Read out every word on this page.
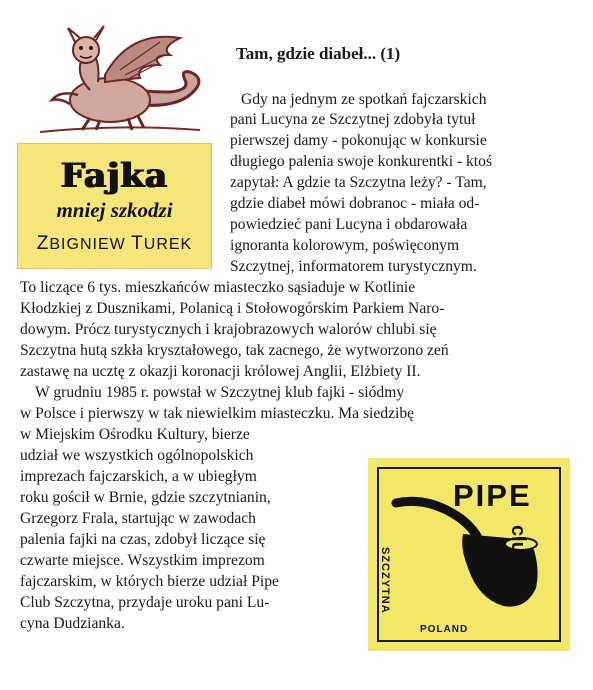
Fajka
mniej szkodzi
ZBIGNIEW TUREK
Tam, gdzie diabeł... (1)
Gdy na jednym ze spotkań fajczarskich
pani Lucyna ze Szczytnej zdobyła tytuł
pierwszej damy - pokonując w konkursie
długiego palenia swoje konkurentki - ktoś
zapytał: A gdzie ta Szczytna leży? - Tam,
gdzie diabeł mówi dobranoc - miała od-
powiedzieć pani Lucyna i obdarowała
ignoranta kolorowym, poświęconym
Szczytnej, informatorem turystycznym.
To liczące 6 tys. mieszkańców miasteczko sąsiaduje w Kotlinie
Kłodzkiej z Dusznikami, Polanicą i Stołowogórskim Parkiem Naro-
dowym. Prócz turystycznych i krajobrazowych walorów chlubi się
Szczytna hutą szkła kryształowego, tak zacnego, że wytworzono zeń
zastawę na ucztę z okazji koronacji królowej Anglii, Elżbiety II.
W grudniu 1985 r. powstał w Szczytnej klub fajki - siódmy
w Polsce i pierwszy w tak niewielkim miasteczku. Ma siedzibę
w Miejskim Ośrodku Kultury, bierze
udział we wszystkich ogólnopolskich
imprezach fajczarskich, a w ubiegłym
roku gościł w Brnie, gdzie szczytnianin,
Grzegorz Frala, startując w zawodach
palenia fajki na czas, zdobył liczące się
czwarte miejsce. Wszystkim imprezom
fajczarskim, w których bierze udział Pipe
Club Szczytna, przydaje uroku pani Lu-
cyna Dudzianka.
PIPE
club
SZCZYTNA
POLAND
